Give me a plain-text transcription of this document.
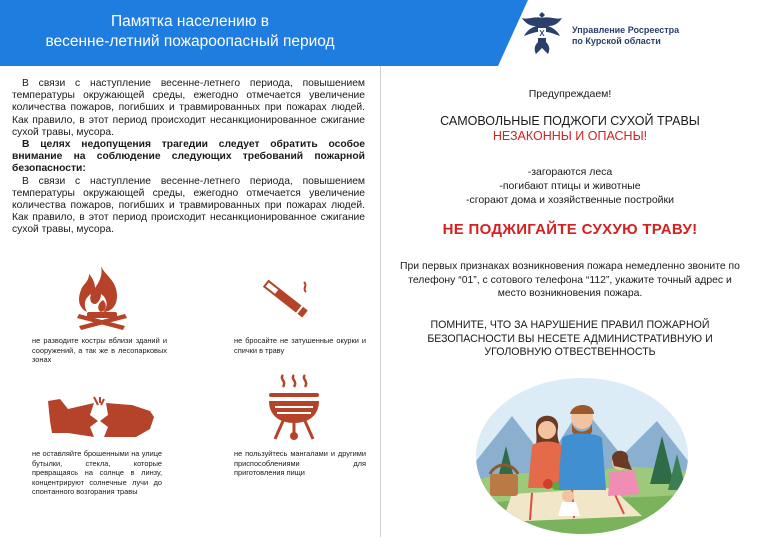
Памятка населению в
весенне-летний пожароопасный период
Управление Росреестра
по Курской области

В связи с наступление весенне-летнего периода, повышением температуры окружающей среды, ежегодно отмечается увеличение количества пожаров, погибших и травмированных при пожарах людей. Как правило, в этот период происходит несанкционированное сжигание сухой травы, мусора.

В целях недопущения трагедии следует обратить особое внимание на соблюдение следующих требований пожарной безопасности:

В связи с наступление весенне-летнего периода, повышением температуры окружающей среды, ежегодно отмечается увеличение количества пожаров, погибших и травмированных при пожарах людей. Как правило, в этот период происходит несанкционированное сжигание сухой травы, мусора.

не разводите костры вблизи зданий и сооружений, а так же в лесопарковых зонах
не бросайте не затушенные окурки и спички в траву
не оставляйте брошенными на улице бутылки, стекла, которые превращаясь на солнце в линзу, концентрируют солнечные лучи до спонтанного возгорания травы
не пользуйтесь мангалами и другими приспособлениями для приготовления пищи
Предупреждаем!
САМОВОЛЬНЫЕ ПОДЖОГИ СУХОЙ ТРАВЫ
НЕЗАКОННЫ И ОПАСНЫ!
-загораются леса
-погибают птицы и животные
-сгорают дома и хозяйственные постройки
НЕ ПОДЖИГАЙТЕ СУХУЮ ТРАВУ!
При первых признаках возникновения пожара немедленно звоните по телефону “01”, с сотового телефона “112”, укажите точный адрес и место возникновения пожара.
ПОМНИТЕ, ЧТО ЗА НАРУШЕНИЕ ПРАВИЛ ПОЖАРНОЙ БЕЗОПАСНОСТИ ВЫ НЕСЕТЕ АДМИНИСТРАТИВНУЮ И УГОЛОВНУЮ ОТВЕСТВЕННОСТЬ
